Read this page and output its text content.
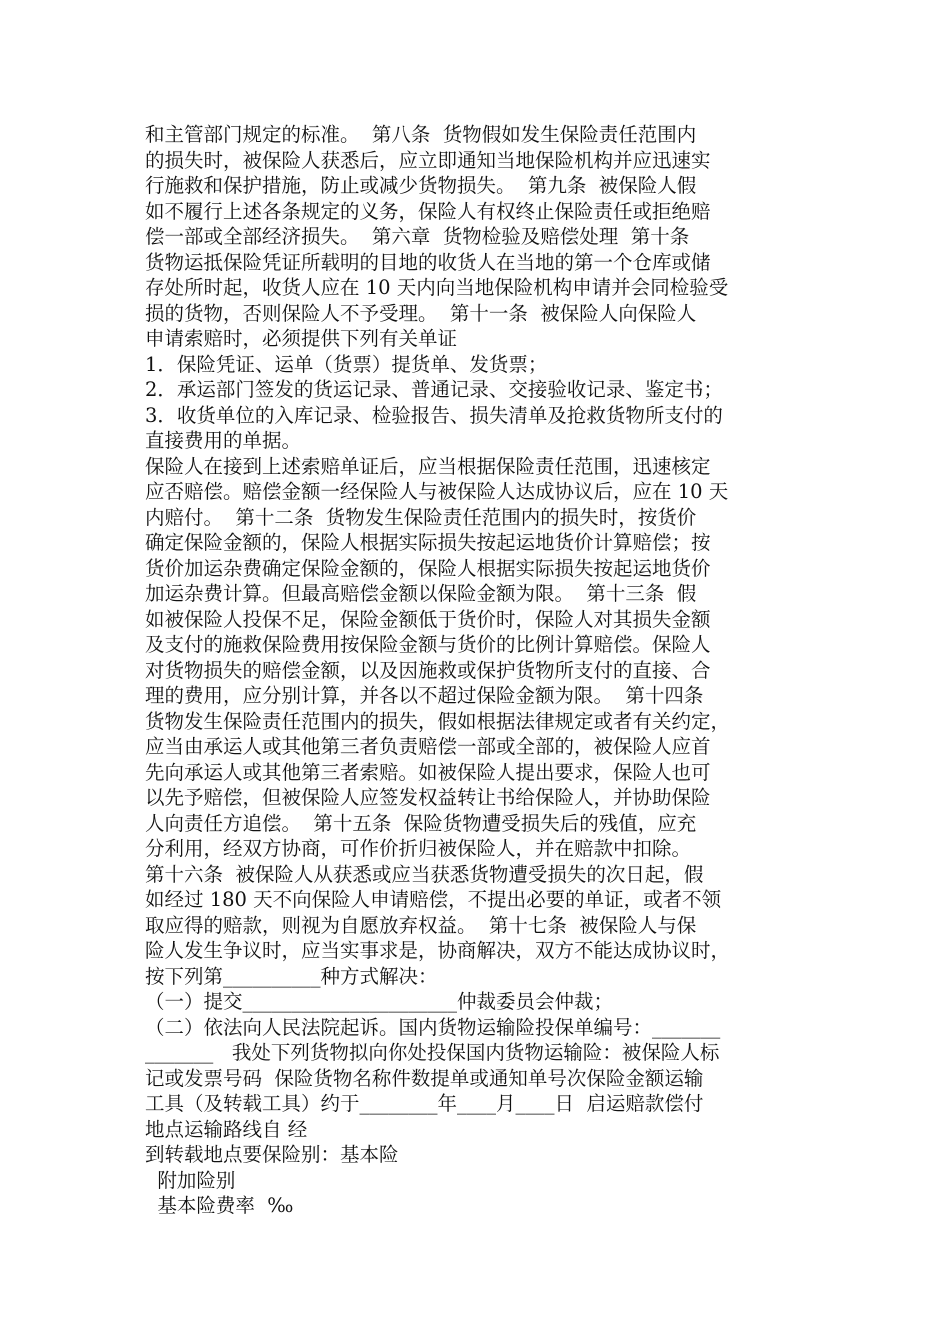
和主管部门规定的标准。  第八条  货物假如发生保险责任范围内
的损失时，被保险人获悉后，应立即通知当地保险机构并应迅速实
行施救和保护措施，防止或减少货物损失。  第九条  被保险人假
如不履行上述各条规定的义务，保险人有权终止保险责任或拒绝赔
偿一部或全部经济损失。  第六章  货物检验及赔偿处理  第十条
货物运抵保险凭证所载明的目地的收货人在当地的第一个仓库或储
存处所时起，收货人应在 10 天内向当地保险机构申请并会同检验受
损的货物，否则保险人不予受理。  第十一条  被保险人向保险人
申请索赔时，必须提供下列有关单证
1．保险凭证、运单（货票）提货单、发货票；
2．承运部门签发的货运记录、普通记录、交接验收记录、鉴定书；
3．收货单位的入库记录、检验报告、损失清单及抢救货物所支付的
直接费用的单据。
保险人在接到上述索赔单证后，应当根据保险责任范围，迅速核定
应否赔偿。赔偿金额一经保险人与被保险人达成协议后，应在 10 天
内赔付。  第十二条  货物发生保险责任范围内的损失时，按货价
确定保险金额的，保险人根据实际损失按起运地货价计算赔偿；按
货价加运杂费确定保险金额的，保险人根据实际损失按起运地货价
加运杂费计算。但最高赔偿金额以保险金额为限。  第十三条  假
如被保险人投保不足，保险金额低于货价时，保险人对其损失金额
及支付的施救保险费用按保险金额与货价的比例计算赔偿。保险人
对货物损失的赔偿金额，以及因施救或保护货物所支付的直接、合
理的费用，应分别计算，并各以不超过保险金额为限。  第十四条
货物发生保险责任范围内的损失，假如根据法律规定或者有关约定，
应当由承运人或其他第三者负责赔偿一部或全部的，被保险人应首
先向承运人或其他第三者索赔。如被保险人提出要求，保险人也可
以先予赔偿，但被保险人应签发权益转让书给保险人，并协助保险
人向责任方追偿。  第十五条  保险货物遭受损失后的残值，应充
分利用，经双方协商，可作价折归被保险人，并在赔款中扣除。
第十六条  被保险人从获悉或应当获悉货物遭受损失的次日起，假
如经过 180 天不向保险人申请赔偿，不提出必要的单证，或者不领
取应得的赔款，则视为自愿放弃权益。  第十七条  被保险人与保
险人发生争议时，应当实事求是，协商解决，双方不能达成协议时，
按下列第__________种方式解决：
（一）提交______________________仲裁委员会仲裁；
（二）依法向人民法院起诉。国内货物运输险投保单编号：_______
_______   我处下列货物拟向你处投保国内货物运输险：被保险人标
记或发票号码  保险货物名称件数提单或通知单号次保险金额运输
工具（及转载工具）约于________年____月____日  启运赔款偿付
地点运输路线自 经
到转载地点要保险别：基本险
附加险别
基本险费率  ‰
